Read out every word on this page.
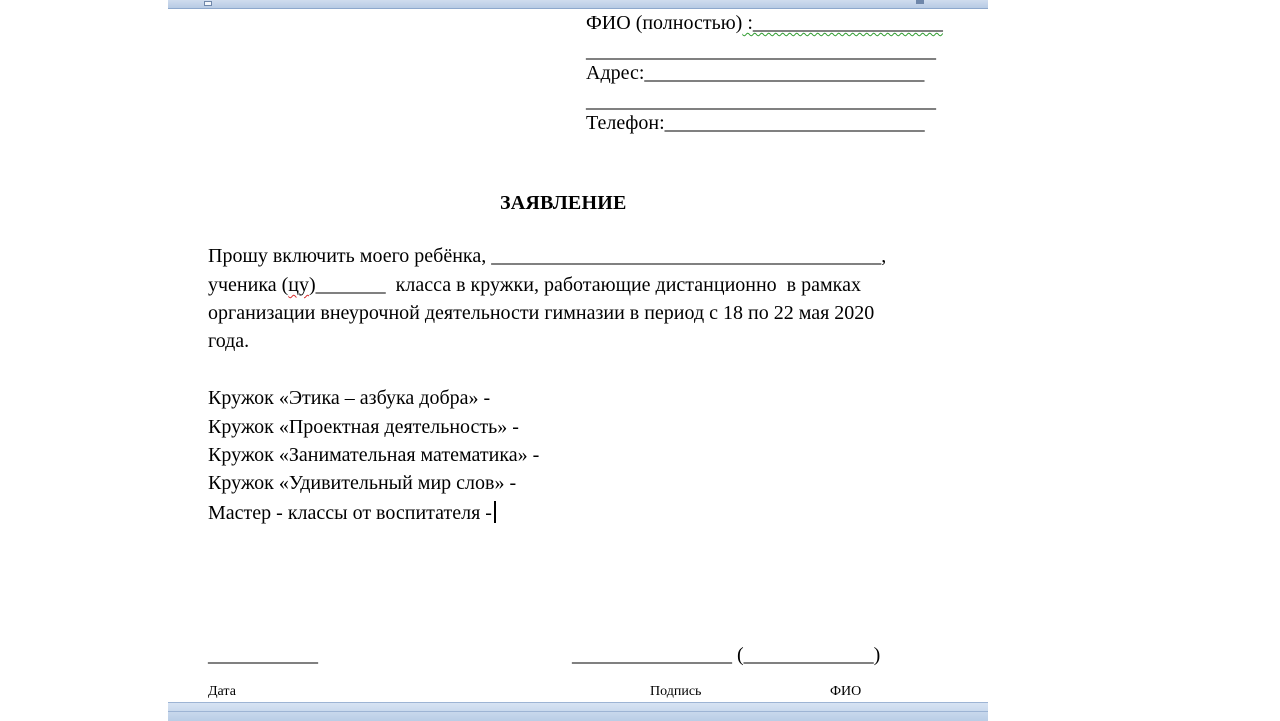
ФИО (полностью) :___________________
___________________________________
Адрес:____________________________
___________________________________
Телефон:__________________________
ЗАЯВЛЕНИЕ
Прошу включить моего ребёнка, _______________________________________,
ученика (цу)_______  класса в кружки, работающие дистанционно  в рамках
организации внеурочной деятельности гимназии в период с 18 по 22 мая 2020
года.
Кружок «Этика – азбука добра» -
Кружок «Проектная деятельность» -
Кружок «Занимательная математика» -
Кружок «Удивительный мир слов» -
Мастер - классы от воспитателя -
___________	________________ (_____________)
Дата	Подпись	ФИО
